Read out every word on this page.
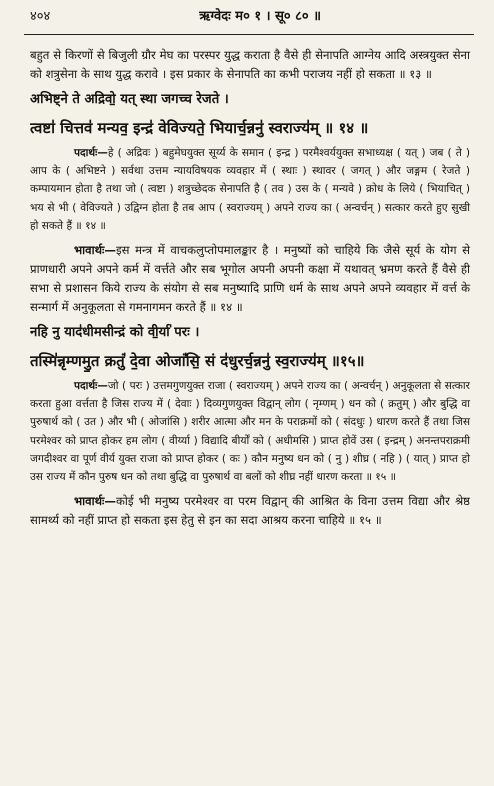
४०४	ऋग्वेदः म० १ । सू० ८० ॥

बहुत से किरणों से बिजुली ग्रौर मेघ का परस्पर युद्ध कराता है वैसे ही सेनापति आग्नेय आदि अस्त्रयुक्त सेना को शत्रुसेना के साथ युद्ध करावे । इस प्रकार के सेनापति का कभी पराजय नहीं हो सकता ॥ १३ ॥

अभिष्ट्ने ते अद्रिवो॒ यत् स्था जगच्च रेजते ।

त्वष्टा॑ चित्तव॑ मन्यव॒ इन्द्र॑ वेविज्यते॒ भियार्च॒न्ननु॑ स्वराज्य॑म् ॥ १४ ॥

पदार्थः—हे ( अद्रिवः ) बहुमेघयुक्त सूर्य्य के समान ( इन्द्र ) परमैश्वर्ययुक्त सभाध्यक्ष ( यत् ) जब ( ते ) आप के ( अभिष्टने ) सर्वथा उत्तम न्यायविषयक व्यवहार में ( स्थाः ) स्थावर ( जगत् ) और जङ्गम ( रेजते ) कम्पायमान होता है तथा जो ( त्वष्टा ) शत्रुच्छेदक सेनापति है ( तव ) उस के ( मन्यवे ) क्रोध के लिये ( भियाचित् ) भय से भी ( वेविज्यते ) उद्विग्न होता है तब आप ( स्वराज्यम् ) अपने राज्य का ( अन्वर्चन् ) सत्कार करते हुए सुखी हो सकते हैं ॥ १४ ॥

भावार्थः—इस मन्त्र में वाचकलुप्तोपमालङ्कार है । मनुष्यों को चाहिये कि जैसे सूर्य के योग से प्राणधारी अपने अपने कर्म में वर्त्तते और सब भूगोल अपनी अपनी कक्षा में यथावत् भ्रमण करते हैं वैसे ही सभा से प्रशासन किये राज्य के संयोग से सब मनुष्यादि प्राणि धर्म के साथ अपने अपने व्यवहार में वर्त्त के सन्मार्ग में अनुकूलता से गमनागमन करते हैं ॥ १४ ॥

नहि नु याद॑धीमसीन्द्रं को वी॒र्या॑ परः ।

तस्मि॑न्नृम्णमु॒त क्रतुं॑ दे॒वा ओजां॑सि॒ सं द॑धुरर्च॒न्ननु॑ स्व॒राज्य॑म् ॥१५॥

पदार्थः—जो ( परः ) उत्तमगुणयुक्त राजा ( स्वराज्यम् ) अपने राज्य का ( अन्वर्चन् ) अनुकूलता से सत्कार करता हुआ वर्त्तता है जिस राज्य में ( देवाः ) दिव्यगुणयुक्त विद्वान् लोग ( नृम्णम् ) धन को ( क्रतुम् ) और बुद्धि वा पुरुषार्थ को ( उत ) और भी ( ओजांसि ) शरीर आत्मा और मन के पराक्रमों को ( संदधुः ) धारण करते हैं तथा जिस परमेश्वर को प्राप्त होकर हम लोग ( वीर्य्या ) विद्यादि बीर्यों को ( अधीमसि ) प्राप्त होवें उस ( इन्द्रम् ) अनन्तपराक्रमी जगदीश्वर वा पूर्ण वीर्य युक्त राजा को प्राप्त होकर ( कः ) कौन मनुष्य धन को ( नु ) शीघ्र ( नहि ) ( यात् ) प्राप्त हो उस राज्य में कौन पुरुष धन को तथा बुद्धि वा पुरुषार्थ वा बलों को शीघ्र नहीं धारण करता ॥ १५ ॥

भावार्थः—कोई भी मनुष्य परमेश्वर वा परम विद्वान् की आश्रित के विना उत्तम विद्या और श्रेष्ठ सामर्थ्य को नहीं प्राप्त हो सकता इस हेतु से इन का सदा आश्रय करना चाहिये ॥ १५ ॥
